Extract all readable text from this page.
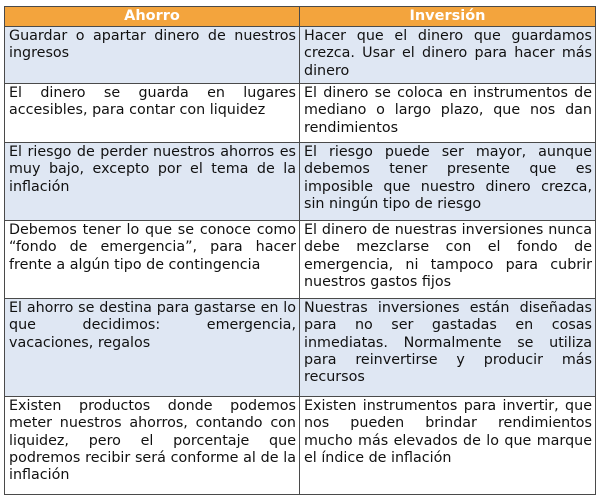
Ahorro	Inversión
Guardar o apartar dinero de nuestros ingresos	Hacer que el dinero que guardamos crezca. Usar el dinero para hacer más dinero
El dinero se guarda en lugares accesibles, para contar con liquidez	El dinero se coloca en instrumentos de mediano o largo plazo, que nos dan rendimientos
El riesgo de perder nuestros ahorros es muy bajo, excepto por el tema de la inflación	El riesgo puede ser mayor, aunque debemos tener presente que es imposible que nuestro dinero crezca, sin ningún tipo de riesgo
Debemos tener lo que se conoce como “fondo de emergencia”, para hacer frente a algún tipo de contingencia	El dinero de nuestras inversiones nunca debe mezclarse con el fondo de emergencia, ni tampoco para cubrir nuestros gastos fijos
El ahorro se destina para gastarse en lo que decidimos: emergencia, vacaciones, regalos	Nuestras inversiones están diseñadas para no ser gastadas en cosas inmediatas. Normalmente se utiliza para reinvertirse y producir más recursos
Existen productos donde podemos meter nuestros ahorros, contando con liquidez, pero el porcentaje que podremos recibir será conforme al de la inflación	Existen instrumentos para invertir, que nos pueden brindar rendimientos mucho más elevados de lo que marque el índice de inflación
